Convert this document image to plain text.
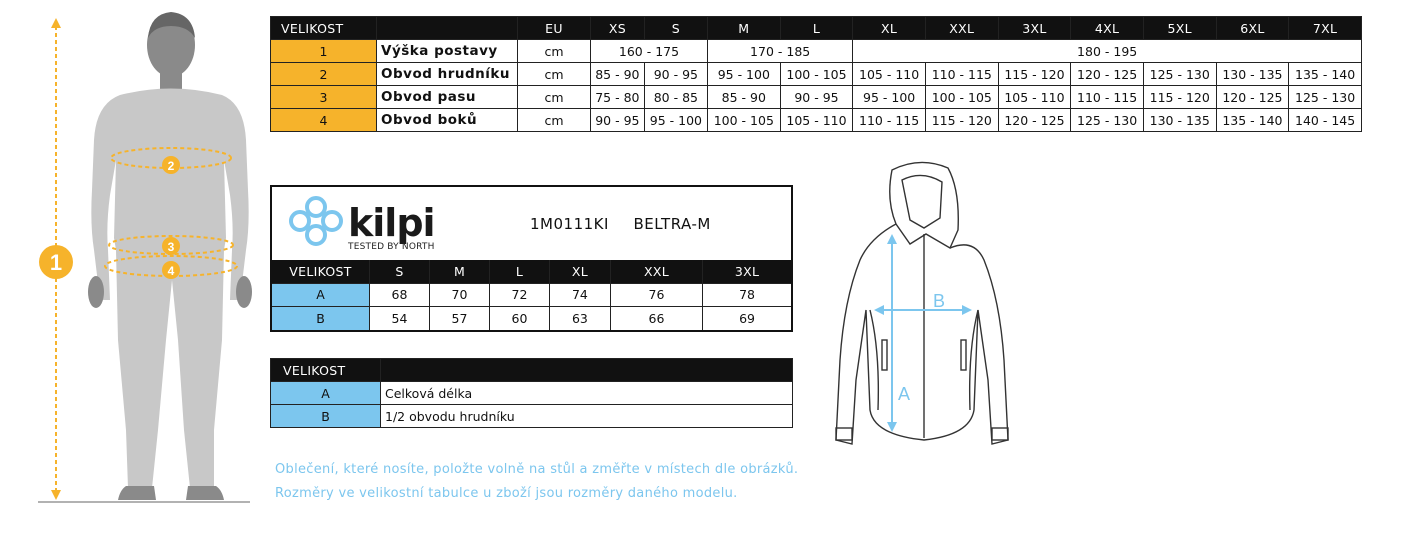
1
2
3
4
VELIKOST		EU	XS	S	M	L	XL	XXL	3XL	4XL	5XL	6XL	7XL
1	Výška postavy	cm	160 - 175		170 - 185		180 - 195						
2	Obvod hrudníku	cm	85 - 90	90 - 95	95 - 100	100 - 105	105 - 110	110 - 115	115 - 120	120 - 125	125 - 130	130 - 135	135 - 140
3	Obvod pasu	cm	75 - 80	80 - 85	85 - 90	90 - 95	95 - 100	100 - 105	105 - 110	110 - 115	115 - 120	120 - 125	125 - 130
4	Obvod boků	cm	90 - 95	95 - 100	100 - 105	105 - 110	110 - 115	115 - 120	120 - 125	125 - 130	130 - 135	135 - 140	140 - 145
kilpi
TESTED BY NORTH
1M0111KI BELTRA-M
VELIKOST	S	M	L	XL	XXL	3XL
A	68	70	72	74	76	78
B	54	57	60	63	66	69
VELIKOST	
A	Celková délka
B	1/2 obvodu hrudníku
A
B
Oblečení, které nosíte, položte volně na stůl a změřte v místech dle obrázků.
Rozměry ve velikostní tabulce u zboží jsou rozměry daného modelu.
